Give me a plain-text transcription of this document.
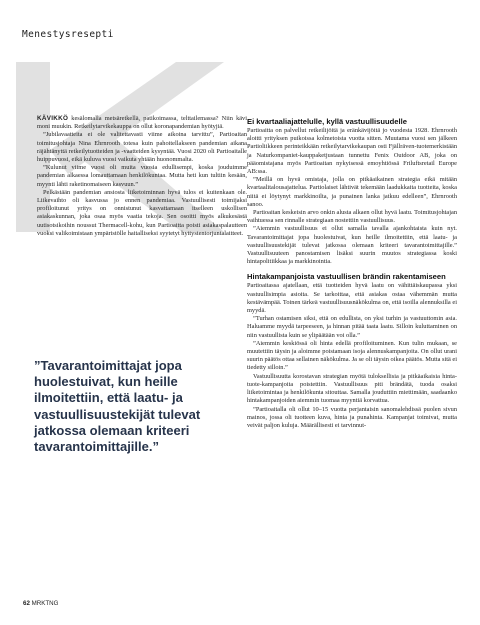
Menestysresepti

KÄVIKKÖ kesälomalla metsäretkellä, patikoimassa, telttailemassa? Niin kävi moni muukin. Retkeilytarvikekauppa on ollut koronapandemian hyötyjiä.

”Jubilavaatteita ei ole valitettavasti viime aikoina tarvittu”, Partioaitan toimitusjohtaja Nina Ehrnrooth totesa kuin pahoitellakseen pandemian aikana räjähtänyttä retkeilytuotteiden ja -vaatteiden kysyntää. Vuosi 2020 oli Partioaitalle huippuvuosi, eikä kuluva vuosi vaikuta yhtään huonommalta.

”Kulunut viime vuosi oli muita vuosia edullisempi, koska jouduimme pandemian alkaessa lomauttamaan henkilökuntaa. Mutta heti kun tultiin kesään, myynti lähti raketinomaiseen kasvuun.”

Pelkästään pandemian ansiosta liiketoiminnan hyvä tulos ei kuitenkaan ole. Liikevaihto oli kasvussa jo ennen pandemiaa. Vastuullisesti toimijaksi profiloitunut yritys on onnistunut kasvattamaan itselleen uskollisen asiakaskunnan, joka osaa myös vaatia tekoja. Sen osoitti myös alkukesästä uutisotsikoihin noussut Thermacell-kohu, kun Partioaitta poisti asiakaspalautteen vuoksi valikoimistaan ympäristölle haitalliseksi syytetyt hyttystentorjuntalaitteet.

”Tavarantoimittajat jopa huolestuivat, kun heille ilmoitettiin, että laatu- ja vastuullisuustekijät tulevat jatkossa olemaan kriteeri tavarantoimittajille.”
Ei kvartaaliajattelulle, kyllä vastuullisuudelle

Partioaitta on palvellut retkeilijöitä ja eränkävijöitä jo vuodesta 1928. Ehrnrooth aloitti yrityksen puikoissa kolmetoista vuotta sitten. Muutama vuosi sen jälkeen Partioliikkeen perinteikkään retkeilytarvikekaupan osti Fjällräven-tuotemerkistään ja Naturkompaniet-kauppaketjustaan tunnettu Fenix Outdoor AB, joka on pääomistajana myös Partioaitan nykyisessä emoyhtiössä Friluftsretail Europe AB:ssa.

”Meillä on hyvä omistaja, jolla on pitkäaikainen strategia eikä mitään kvartaalitalousajattelua. Partiolaiset lähtivät tekemään laadukkaita tuotteita, koska niitä ei löytynyt markkinoilta, ja punainen lanka jatkuu edelleen”, Ehrnrooth sanoo.

Partioaitan keskeisin arvo onkin alusta alkaen ollut hyvä laatu. Toimitusjohtajan vaihtuessa sen rinnalle strategiaan nostettiin vastuullisuus.

”Aiemmin vastuullisuus ei ollut samalla tavalla ajankohtaista kuin nyt. Tavarantoimittajat jopa huolestuivat, kun heille ilmoitettiin, että laatu- ja vastuullisuustekijät tulevat jatkossa olemaan kriteeri tavarantoimittajille.” Vastuullisuuteen panostamisen lisäksi suurin muutos strategiassa koski hintapolitiikkaa ja markkinointia.

Hintakampanjoista vastuullisen brändin rakentamiseen

Partioaitassa ajatellaan, että tuotteiden hyvä laatu on vähittäiskaupassa yksi vastuullisimpia asioita. Se tarkoittaa, että asiakas ostaa vähemmän mutta kestävämpää. Toinen tärkeä vastuullisuusnäkökulma on, että isoilla alennuksilla ei myydä.

”Turhan ostamisen siksi, että on edullista, on yksi turhin ja vastuuttomin asia. Haluamme myydä tarpeeseen, ja hinnan pitää taata laatu. Silloin kuluttaminen on niin vastuullista kuin se ylipäätään voi olla.”

”Aiemmin keskiössä oli hinta edellä profiloituminen. Kun tulin mukaan, se muutettiin täysin ja aloimme poistamaan isoja alennuskampanjoita. On ollut urani suurin päätös ottaa sellainen näkökulma. Ja se oli täysin oikea päätös. Mutta sitä ei tiedetty silloin.”

Vastuullisuutta korostavan strategian myötä tuloksellisia ja pitkäaikaisia hinta-tuote-kampanjoita poistettiin. Vastuullisuus piti brändätä, tuoda osaksi liiketoimintaa ja henkilökunta sitouttaa. Samalla jouduttiin miettimään, saadaanko hintakampanjoiden aiemmin tuomaa myyntiä korvattua.

”Partioaitalla oli ollut 10–15 vuotta perjantaisin sanomalehdissä puolen sivun mainos, jossa oli tuotteen kuva, hinta ja punahinta. Kampanjat toimivat, mutta veivät paljon kuluja. Määrällisesti ei tarvinnut-

62 MRKTNG
